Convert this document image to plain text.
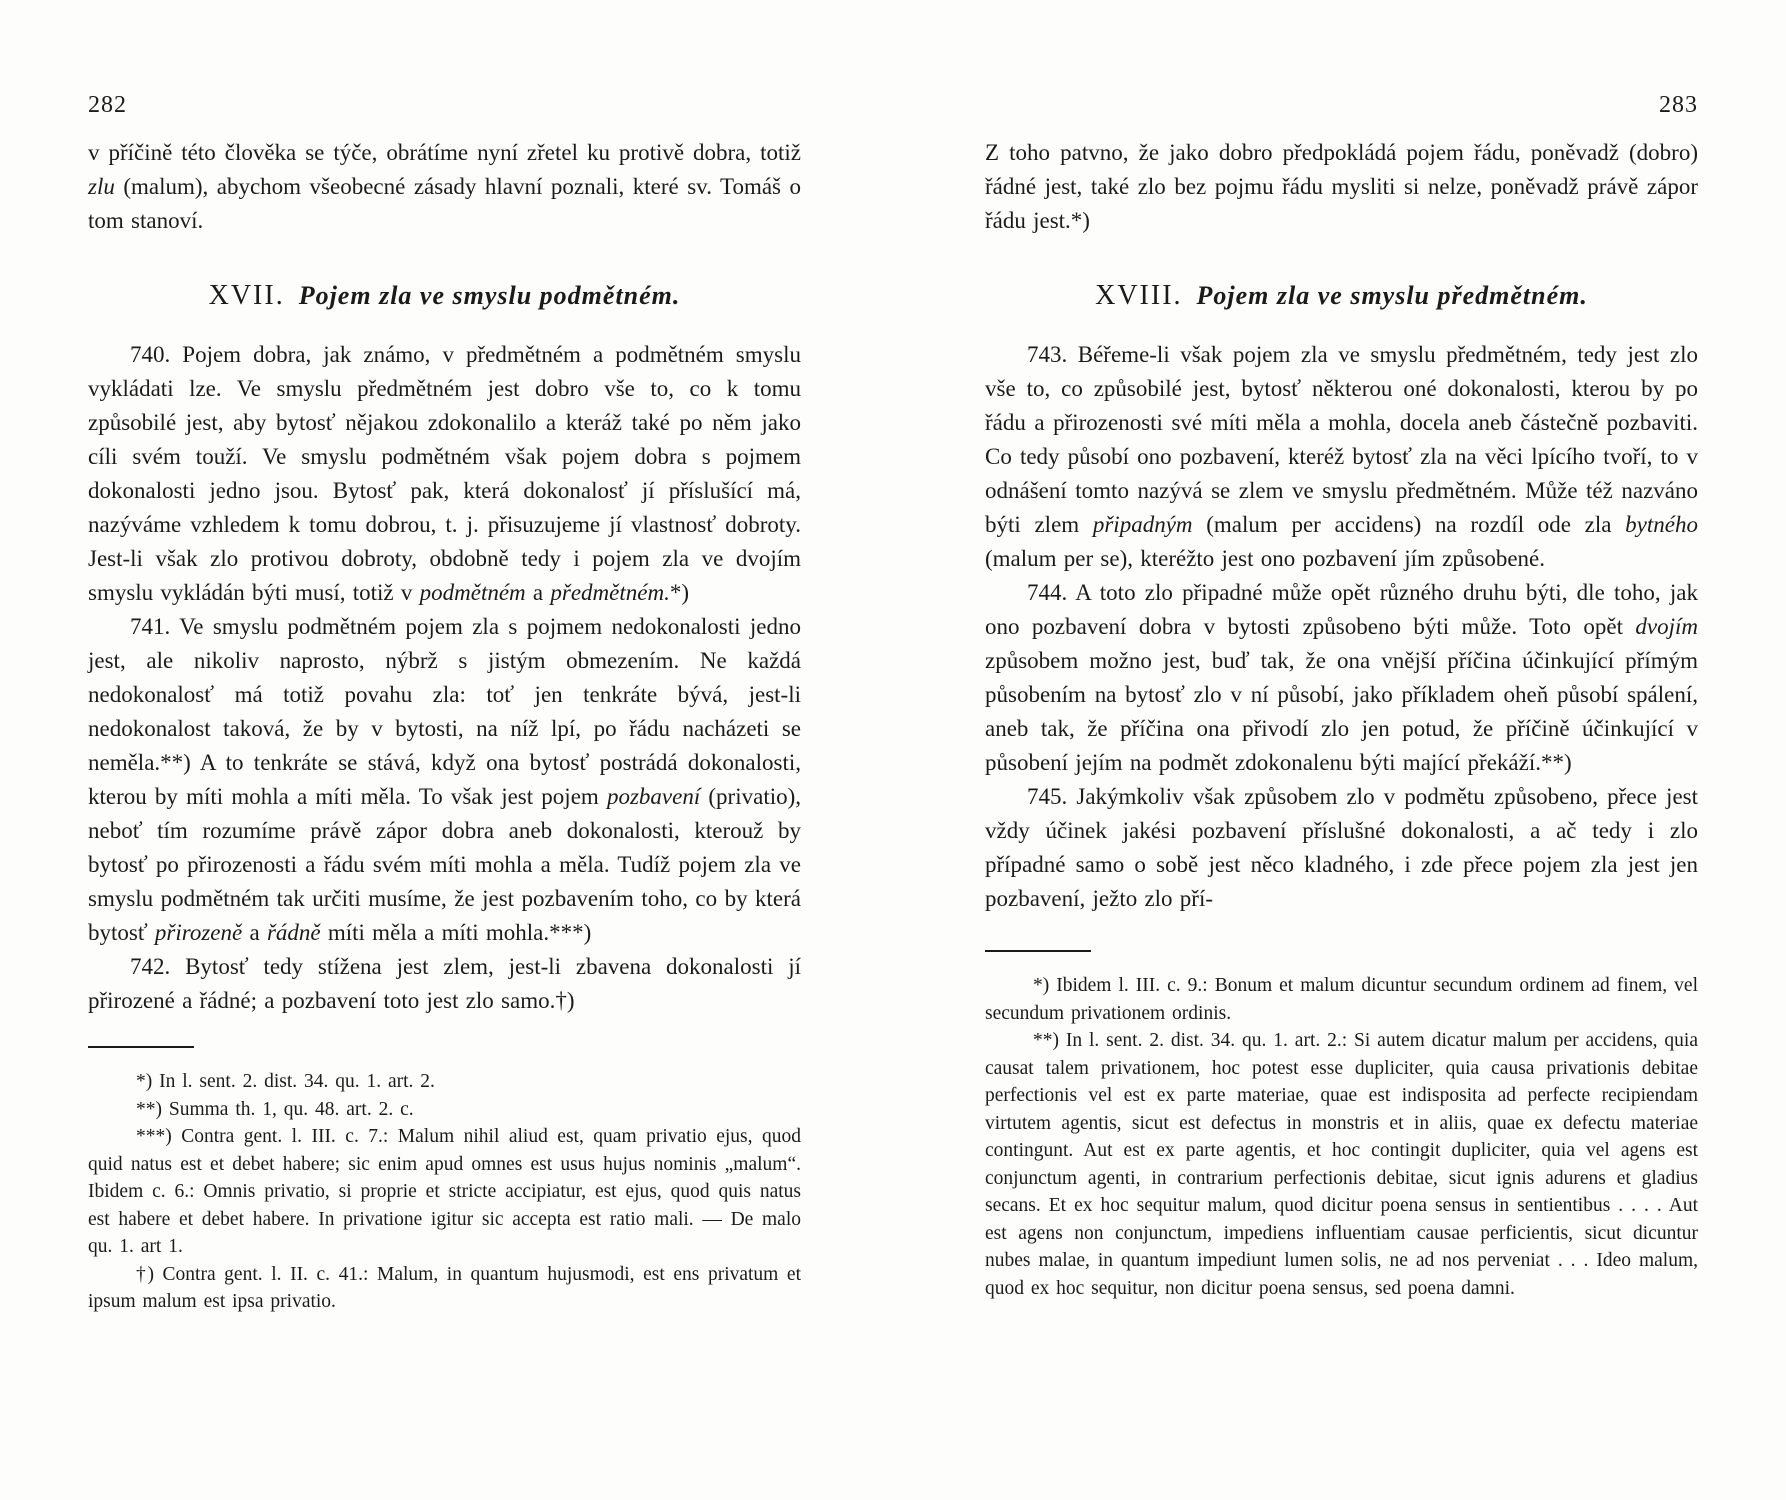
282

v příčině této člověka se týče, obrátíme nyní zřetel ku protivě dobra, totiž zlu (malum), abychom všeobecné zásady hlavní poznali, které sv. Tomáš o tom stanoví.

XVII. Pojem zla ve smyslu podmětném.

740. Pojem dobra, jak známo, v předmětném a podmětném smyslu vykládati lze. Ve smyslu předmětném jest dobro vše to, co k tomu způsobilé jest, aby bytosť nějakou zdokonalilo a kteráž také po něm jako cíli svém touží. Ve smyslu podmětném však pojem dobra s pojmem dokonalosti jedno jsou. Bytosť pak, která dokonalosť jí příslušící má, nazýváme vzhledem k tomu dobrou, t. j. přisuzujeme jí vlastnosť dobroty. Jest-li však zlo protivou dobroty, obdobně tedy i pojem zla ve dvojím smyslu vykládán býti musí, totiž v podmětném a předmětném.*)

741. Ve smyslu podmětném pojem zla s pojmem nedokonalosti jedno jest, ale nikoliv naprosto, nýbrž s jistým obmezením. Ne každá nedokonalosť má totiž povahu zla: toť jen tenkráte bývá, jest-li nedokonalost taková, že by v bytosti, na níž lpí, po řádu nacházeti se neměla.**) A to tenkráte se stává, když ona bytosť postrádá dokonalosti, kterou by míti mohla a míti měla. To však jest pojem pozbavení (privatio), neboť tím rozumíme právě zápor dobra aneb dokonalosti, kterouž by bytosť po přirozenosti a řádu svém míti mohla a měla. Tudíž pojem zla ve smyslu podmětném tak určiti musíme, že jest pozbavením toho, co by která bytosť přirozeně a řádně míti měla a míti mohla.***)

742. Bytosť tedy stížena jest zlem, jest-li zbavena dokonalosti jí přirozené a řádné; a pozbavení toto jest zlo samo.†)

*) In l. sent. 2. dist. 34. qu. 1. art. 2.

**) Summa th. 1, qu. 48. art. 2. c.

***) Contra gent. l. III. c. 7.: Malum nihil aliud est, quam privatio ejus, quod quid natus est et debet habere; sic enim apud omnes est usus hujus nominis „malum“. Ibidem c. 6.: Omnis privatio, si proprie et stricte accipiatur, est ejus, quod quis natus est habere et debet habere. In privatione igitur sic accepta est ratio mali. — De malo qu. 1. art 1.

†) Contra gent. l. II. c. 41.: Malum, in quantum hujusmodi, est ens privatum et ipsum malum est ipsa privatio.

283

Z toho patvno, že jako dobro předpokládá pojem řádu, poněvadž (dobro) řádné jest, také zlo bez pojmu řádu mysliti si nelze, poněvadž právě zápor řádu jest.*)

XVIII. Pojem zla ve smyslu předmětném.

743. Béřeme-li však pojem zla ve smyslu předmětném, tedy jest zlo vše to, co způsobilé jest, bytosť některou oné dokonalosti, kterou by po řádu a přirozenosti své míti měla a mohla, docela aneb částečně pozbaviti. Co tedy působí ono pozbavení, kteréž bytosť zla na věci lpícího tvoří, to v odnášení tomto nazývá se zlem ve smyslu předmětném. Může též nazváno býti zlem připadným (malum per accidens) na rozdíl ode zla bytného (malum per se), kteréžto jest ono pozbavení jím způsobené.

744. A toto zlo připadné může opět různého druhu býti, dle toho, jak ono pozbavení dobra v bytosti způsobeno býti může. Toto opět dvojím způsobem možno jest, buď tak, že ona vnější příčina účinkující přímým působením na bytosť zlo v ní působí, jako příkladem oheň působí spálení, aneb tak, že příčina ona přivodí zlo jen potud, že příčině účinkující v působení jejím na podmět zdokonalenu býti mající překáží.**)

745. Jakýmkoliv však způsobem zlo v podmětu způsobeno, přece jest vždy účinek jakési pozbavení příslušné dokonalosti, a ač tedy i zlo případné samo o sobě jest něco kladného, i zde přece pojem zla jest jen pozbavení, ježto zlo pří-

*) Ibidem l. III. c. 9.: Bonum et malum dicuntur secundum ordinem ad finem, vel secundum privationem ordinis.

**) In l. sent. 2. dist. 34. qu. 1. art. 2.: Si autem dicatur malum per accidens, quia causat talem privationem, hoc potest esse dupliciter, quia causa privationis debitae perfectionis vel est ex parte materiae, quae est indisposita ad perfecte recipiendam virtutem agentis, sicut est defectus in monstris et in aliis, quae ex defectu materiae contingunt. Aut est ex parte agentis, et hoc contingit dupliciter, quia vel agens est conjunctum agenti, in contrarium perfectionis debitae, sicut ignis adurens et gladius secans. Et ex hoc sequitur malum, quod dicitur poena sensus in sentientibus . . . . Aut est agens non conjunctum, impediens influentiam causae perficientis, sicut dicuntur nubes malae, in quantum impediunt lumen solis, ne ad nos perveniat . . . Ideo malum, quod ex hoc sequitur, non dicitur poena sensus, sed poena damni.
